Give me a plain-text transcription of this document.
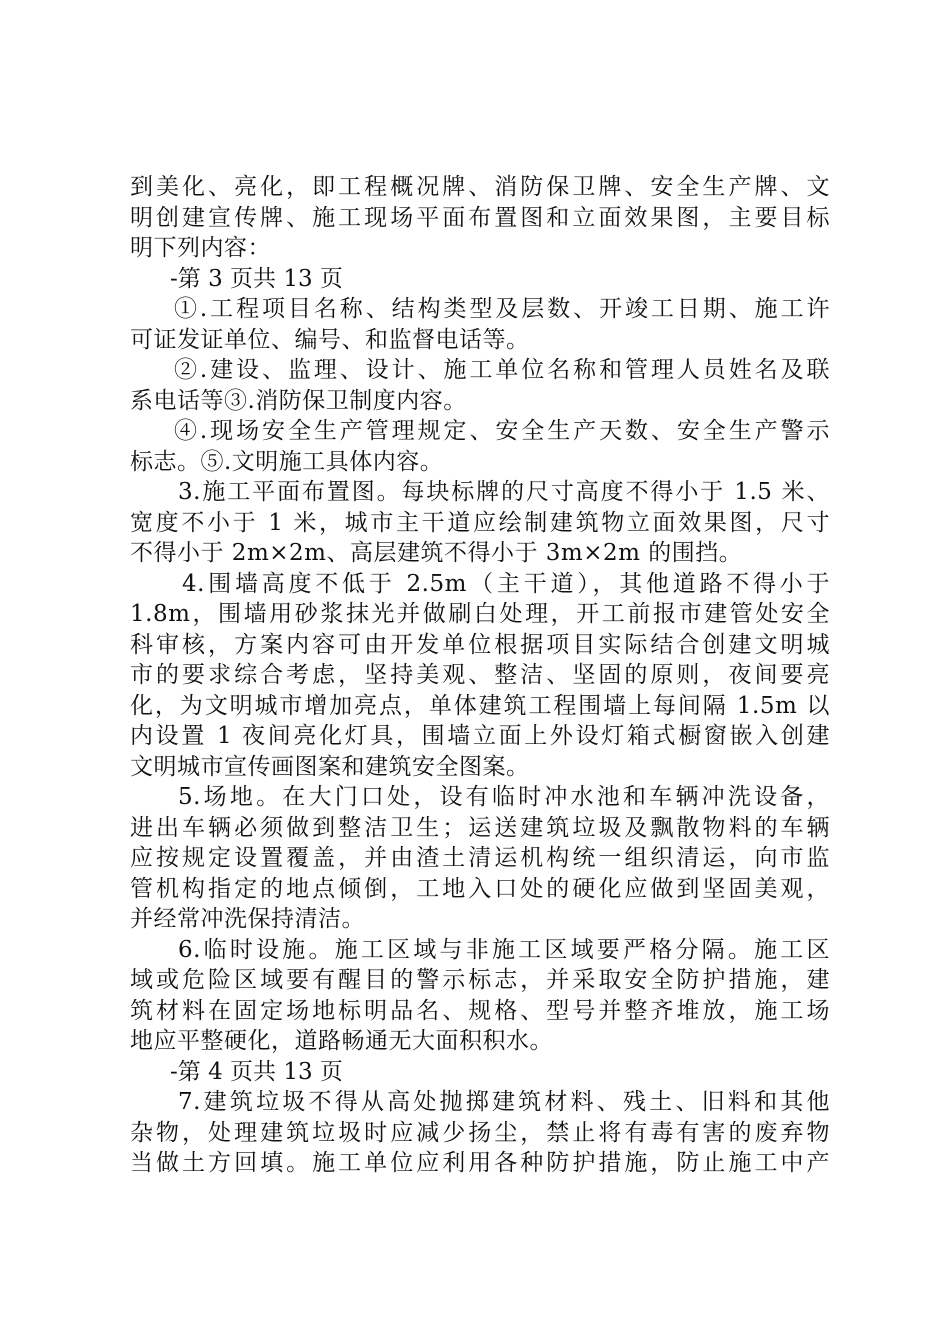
到美化、亮化，即工程概况牌、消防保卫牌、安全生产牌、文
明创建宣传牌、施工现场平面布置图和立面效果图，主要目标
明下列内容：
-第 3 页共 13 页
①.工程项目名称、结构类型及层数、开竣工日期、施工许
可证发证单位、编号、和监督电话等。
②.建设、监理、设计、施工单位名称和管理人员姓名及联
系电话等③.消防保卫制度内容。
④.现场安全生产管理规定、安全生产天数、安全生产警示
标志。⑤.文明施工具体内容。
3.施工平面布置图。每块标牌的尺寸高度不得小于 1.5 米、
宽度不小于 1 米，城市主干道应绘制建筑物立面效果图，尺寸
不得小于 2m×2m、高层建筑不得小于 3m×2m 的围挡。
4.围墙高度不低于 2.5m（主干道），其他道路不得小于
1.8m，围墙用砂浆抹光并做刷白处理，开工前报市建管处安全
科审核，方案内容可由开发单位根据项目实际结合创建文明城
市的要求综合考虑，坚持美观、整洁、坚固的原则，夜间要亮
化，为文明城市增加亮点，单体建筑工程围墙上每间隔 1.5m 以
内设置 1 夜间亮化灯具，围墙立面上外设灯箱式橱窗嵌入创建
文明城市宣传画图案和建筑安全图案。
5.场地。在大门口处，设有临时冲水池和车辆冲洗设备，
进出车辆必须做到整洁卫生；运送建筑垃圾及飘散物料的车辆
应按规定设置覆盖，并由渣土清运机构统一组织清运，向市监
管机构指定的地点倾倒，工地入口处的硬化应做到坚固美观，
并经常冲洗保持清洁。
6.临时设施。施工区域与非施工区域要严格分隔。施工区
域或危险区域要有醒目的警示标志，并采取安全防护措施，建
筑材料在固定场地标明品名、规格、型号并整齐堆放，施工场
地应平整硬化，道路畅通无大面积积水。
-第 4 页共 13 页
7.建筑垃圾不得从高处抛掷建筑材料、残土、旧料和其他
杂物，处理建筑垃圾时应减少扬尘，禁止将有毒有害的废弃物
当做土方回填。施工单位应利用各种防护措施，防止施工中产
